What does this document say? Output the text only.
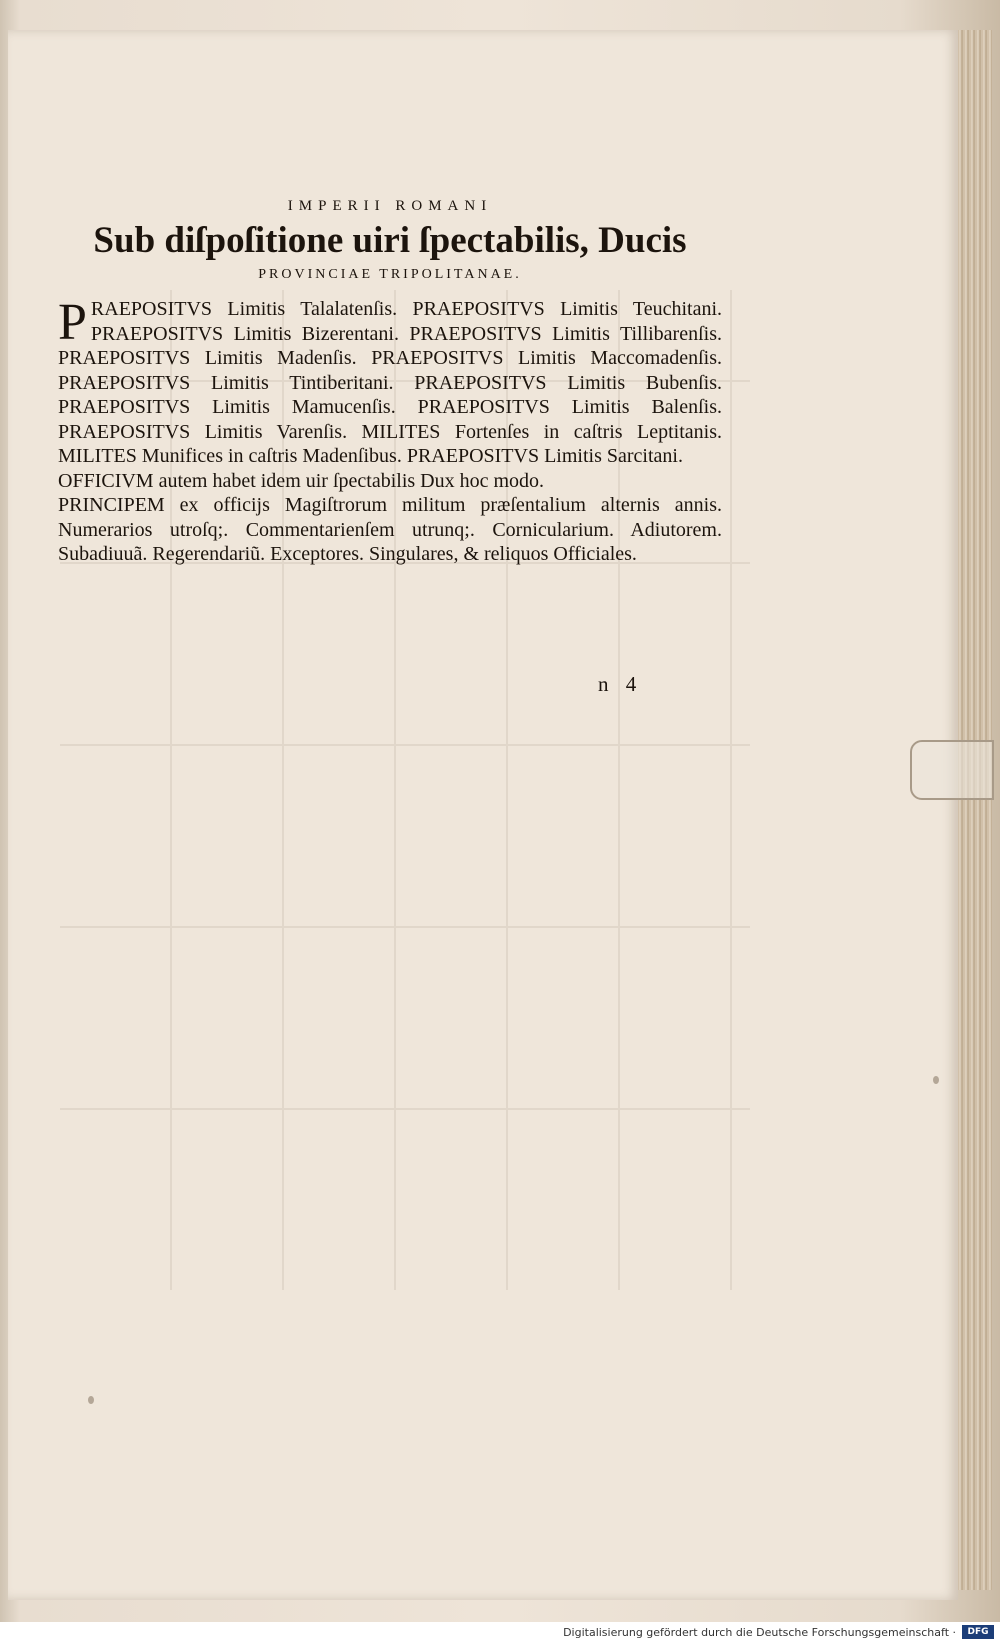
IMPERII ROMANI
Sub diſpoſitione uiri ſpectabilis, Ducis
PROVINCIAE TRIPOLITANAE.

P RAEPOSITVS Limitis Talalatenſis. PRAEPOSITVS Limitis Teuchitani. PRAEPOSITVS Limitis Bizerentani. PRAEPOSITVS Limitis Tillibarenſis. PRAEPOSITVS Limitis Madenſis. PRAEPOSITVS Limitis Maccomadenſis. PRAEPOSITVS Limitis Tintiberitani. PRAEPOSITVS Limitis Bubenſis. PRAEPOSITVS Limitis Mamucenſis. PRAEPOSITVS Limitis Balenſis. PRAEPOSITVS Limitis Varenſis. MILITES Fortenſes in caſtris Leptitanis. MILITES Munifices in caſtris Madenſibus. PRAEPOSITVS Limitis Sarcitani.

OFFICIVM autem habet idem uir ſpectabilis Dux hoc modo.

PRINCIPEM ex officijs Magiſtrorum militum præſentalium alternis annis. Numerarios utroſq;. Commentarienſem utrunq;. Cornicularium. Adiutorem. Subadiuuã. Regerendariũ. Exceptores. Singulares, & reliquos Officiales.

n 4
Digitalisierung gefördert durch die Deutsche Forschungsgemeinschaft ·	DFG
